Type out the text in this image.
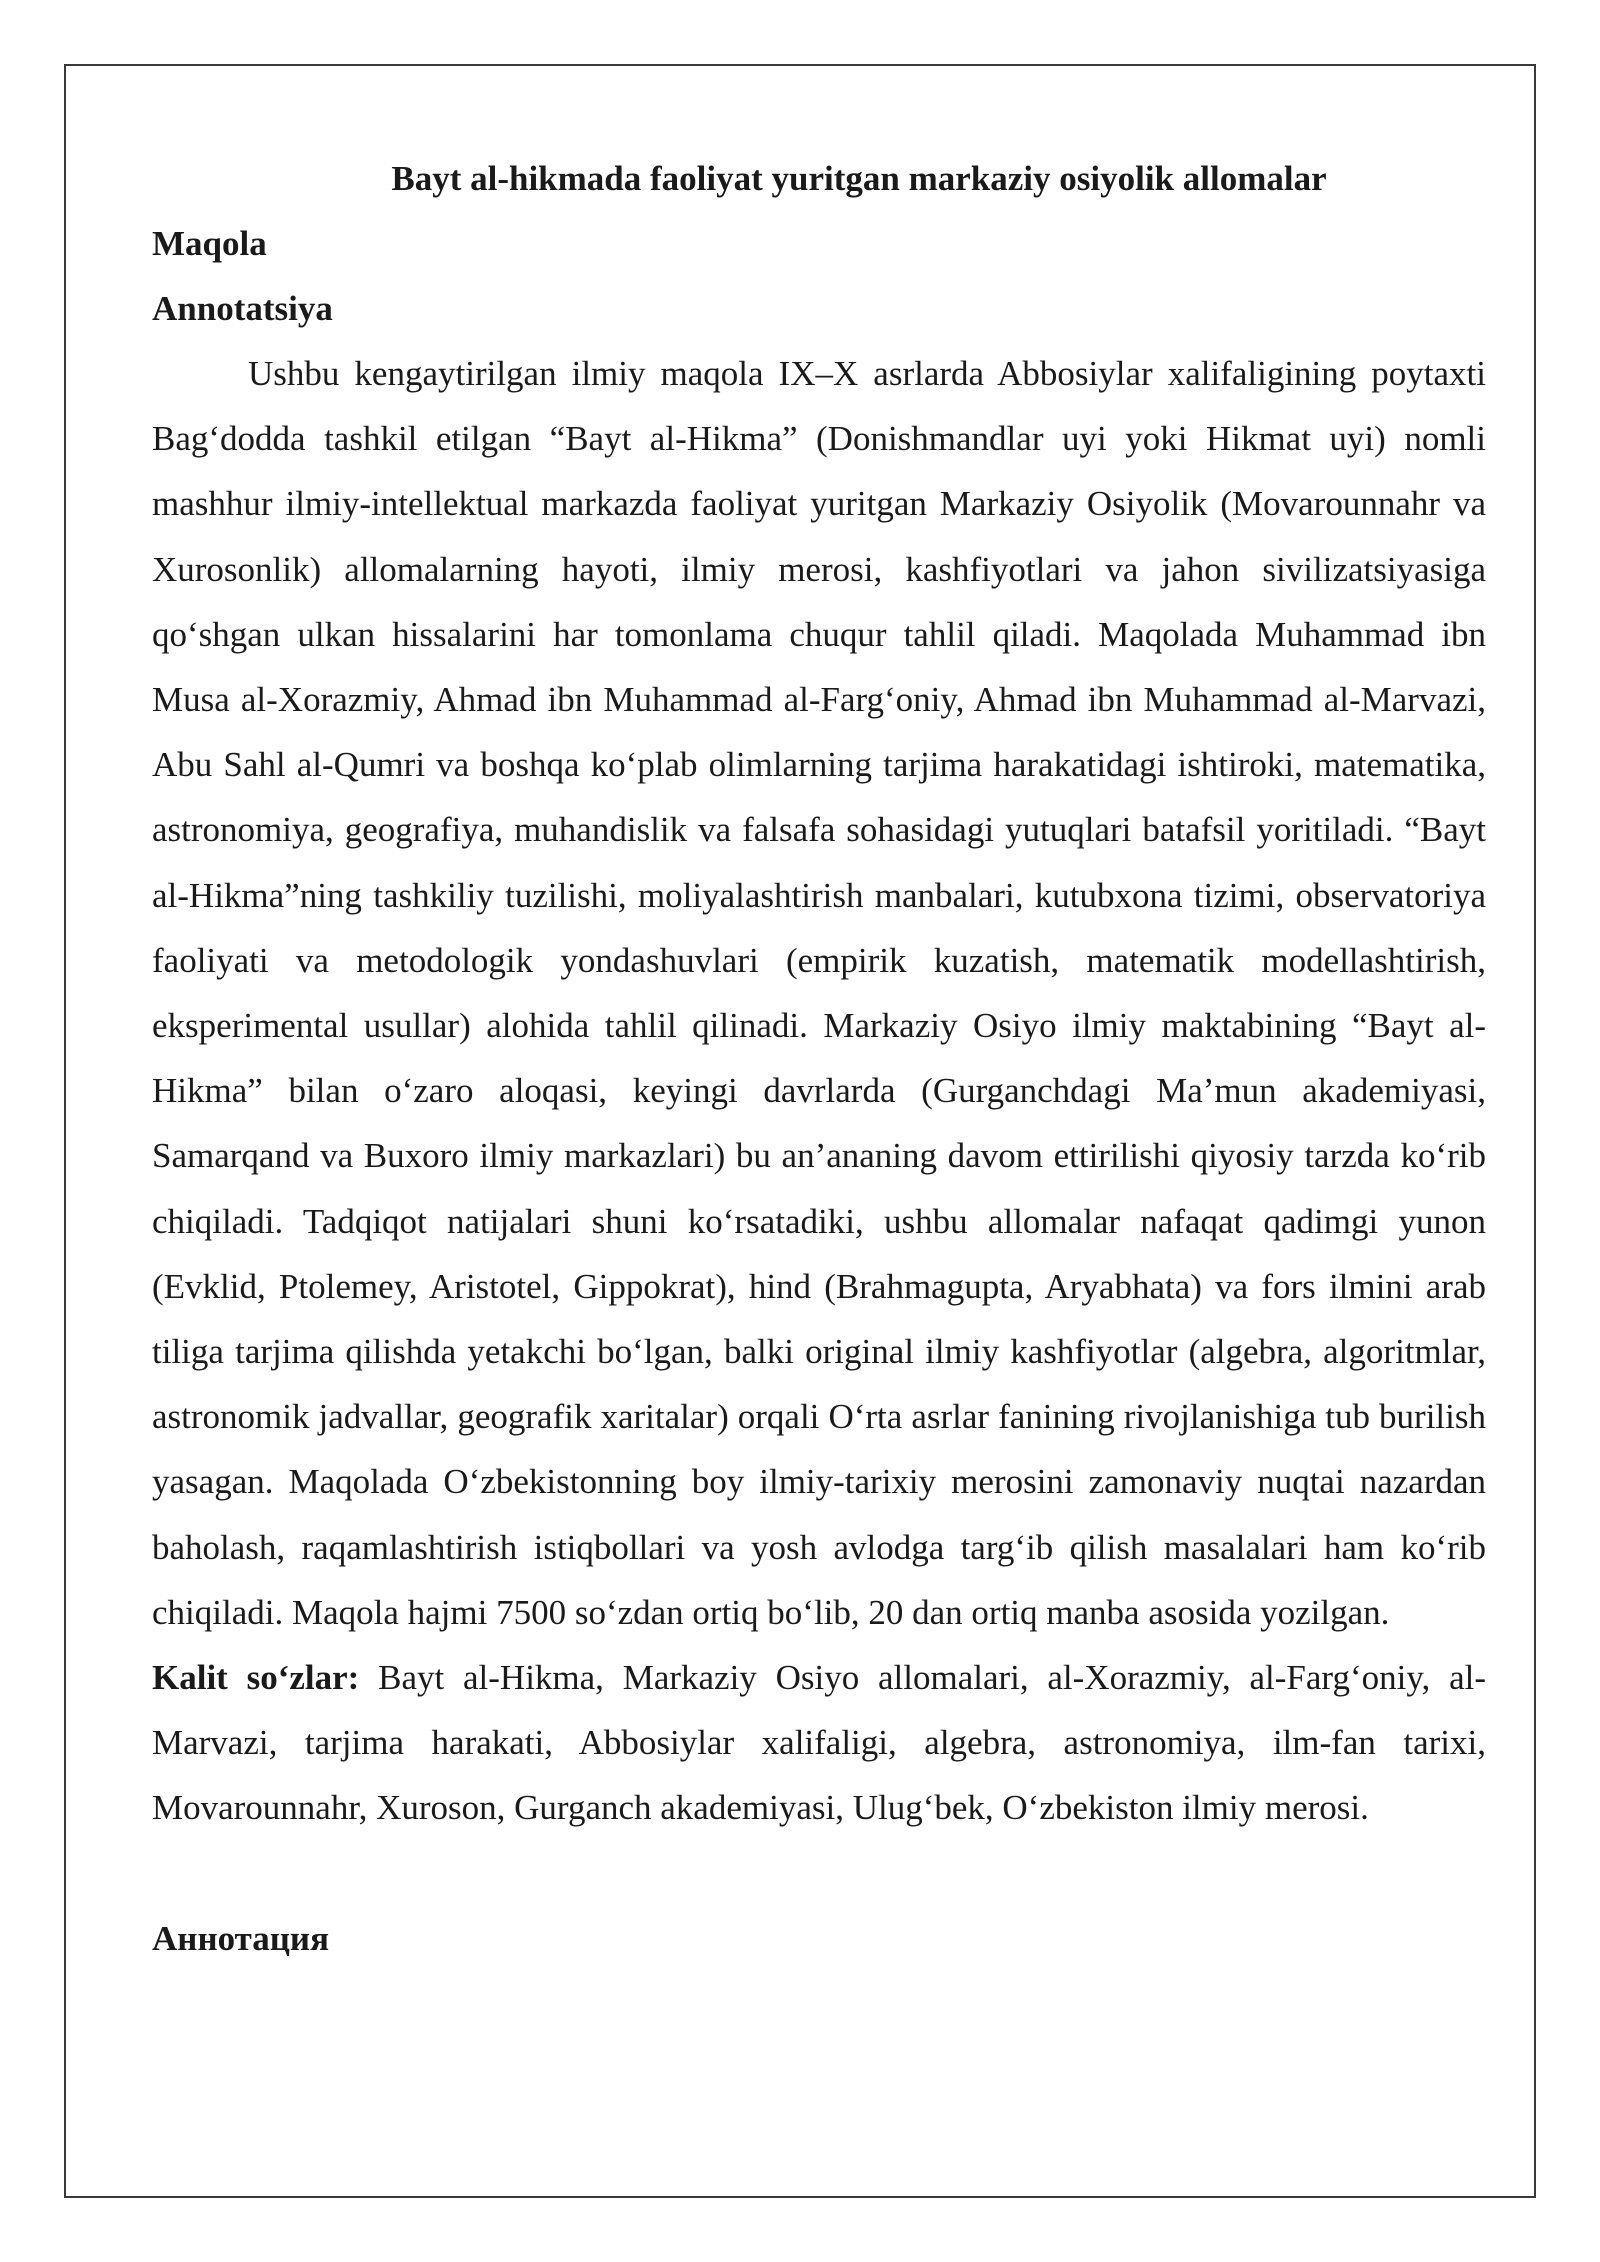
Bayt al-hikmada faoliyat yuritgan markaziy osiyolik allomalar

Maqola

Annotatsiya

Ushbu kengaytirilgan ilmiy maqola IX–X asrlarda Abbosiylar xalifaligining poytaxti Bag‘dodda tashkil etilgan “Bayt al-Hikma” (Donishmandlar uyi yoki Hikmat uyi) nomli mashhur ilmiy-intellektual markazda faoliyat yuritgan Markaziy Osiyolik (Movarounnahr va Xurosonlik) allomalarning hayoti, ilmiy merosi, kashfiyotlari va jahon sivilizatsiyasiga qo‘shgan ulkan hissalarini har tomonlama chuqur tahlil qiladi. Maqolada Muhammad ibn Musa al-Xorazmiy, Ahmad ibn Muhammad al-Farg‘oniy, Ahmad ibn Muhammad al-Marvazi, Abu Sahl al-Qumri va boshqa ko‘plab olimlarning tarjima harakatidagi ishtiroki, matematika, astronomiya, geografiya, muhandislik va falsafa sohasidagi yutuqlari batafsil yoritiladi. “Bayt al-Hikma”ning tashkiliy tuzilishi, moliyalashtirish manbalari, kutubxona tizimi, observatoriya faoliyati va metodologik yondashuvlari (empirik kuzatish, matematik modellashtirish, eksperimental usullar) alohida tahlil qilinadi. Markaziy Osiyo ilmiy maktabining “Bayt al-Hikma” bilan o‘zaro aloqasi, keyingi davrlarda (Gurganchdagi Ma’mun akademiyasi, Samarqand va Buxoro ilmiy markazlari) bu an’ananing davom ettirilishi qiyosiy tarzda ko‘rib chiqiladi. Tadqiqot natijalari shuni ko‘rsatadiki, ushbu allomalar nafaqat qadimgi yunon (Evklid, Ptolemey, Aristotel, Gippokrat), hind (Brahmagupta, Aryabhata) va fors ilmini arab tiliga tarjima qilishda yetakchi bo‘lgan, balki original ilmiy kashfiyotlar (algebra, algoritmlar, astronomik jadvallar, geografik xaritalar) orqali O‘rta asrlar fanining rivojlanishiga tub burilish yasagan. Maqolada O‘zbekistonning boy ilmiy-tarixiy merosini zamonaviy nuqtai nazardan baholash, raqamlashtirish istiqbollari va yosh avlodga targ‘ib qilish masalalari ham ko‘rib chiqiladi. Maqola hajmi 7500 so‘zdan ortiq bo‘lib, 20 dan ortiq manba asosida yozilgan.

Kalit so‘zlar: Bayt al-Hikma, Markaziy Osiyo allomalari, al-Xorazmiy, al-Farg‘oniy, al-Marvazi, tarjima harakati, Abbosiylar xalifaligi, algebra, astronomiya, ilm-fan tarixi, Movarounnahr, Xuroson, Gurganch akademiyasi, Ulug‘bek, O‘zbekiston ilmiy merosi.

Аннотация
